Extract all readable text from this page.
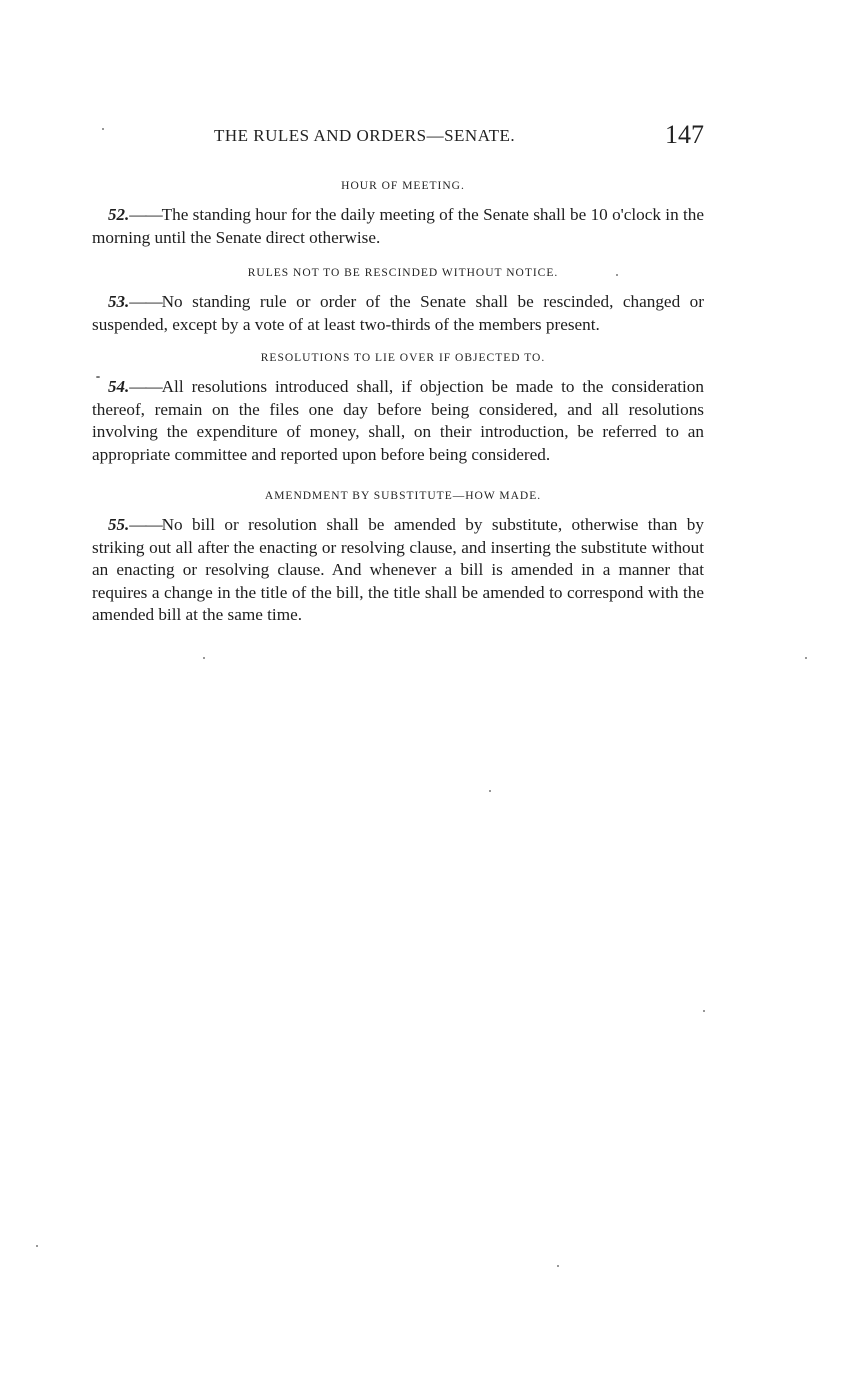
THE RULES AND ORDERS—SENATE.	147

HOUR OF MEETING.

52.——The standing hour for the daily meeting of the Senate shall be 10 o'clock in the morning until the Senate direct otherwise.

RULES NOT TO BE RESCINDED WITHOUT NOTICE.

53.——No standing rule or order of the Senate shall be rescinded, changed or suspended, except by a vote of at least two-thirds of the members present.

RESOLUTIONS TO LIE OVER IF OBJECTED TO.

54.——All resolutions introduced shall, if objection be made to the consideration thereof, remain on the files one day before being considered, and all resolutions involving the expenditure of money, shall, on their introduction, be referred to an appropriate committee and reported upon before being considered.

AMENDMENT BY SUBSTITUTE—HOW MADE.

55.——No bill or resolution shall be amended by substitute, otherwise than by striking out all after the enacting or resolving clause, and inserting the substitute without an enacting or resolving clause. And whenever a bill is amended in a manner that requires a change in the title of the bill, the title shall be amended to correspond with the amended bill at the same time.
